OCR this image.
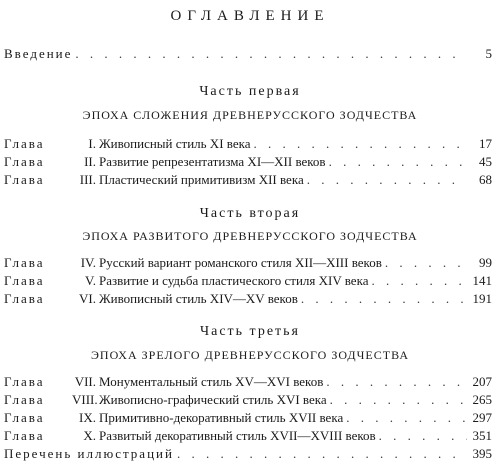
ОГЛАВЛЕНИЕ
Введение . . .	5
Часть первая
ЭПОХА СЛОЖЕНИЯ ДРЕВНЕРУССКОГО ЗОДЧЕСТВА
Глава	I. Живописный стиль XI века . . .	17
Глава	II. Развитие репрезентатизма XI—XII веков . . .	45
Глава	III. Пластический примитивизм XII века . . .	68
Часть вторая
ЭПОХА РАЗВИТОГО ДРЕВНЕРУССКОГО ЗОДЧЕСТВА
Глава	IV. Русский вариант романского стиля XII—XIII веков . . .	99
Глава	V. Развитие и судьба пластического стиля XIV века . . .	141
Глава	VI. Живописный стиль XIV—XV веков . . .	191
Часть третья
ЭПОХА ЗРЕЛОГО ДРЕВНЕРУССКОГО ЗОДЧЕСТВА
Глава VII. Монументальный стиль XV—XVI веков . . .	207
Глава VIII.Живописно-графический стиль XVI века . . .	265
Глава	IX. Примитивно-декоративный стиль XVII века . . .	297
Глава	X. Развитый декоративный стиль XVII—XVIII веков . . .	351
Перечень иллюстраций . . .	395
